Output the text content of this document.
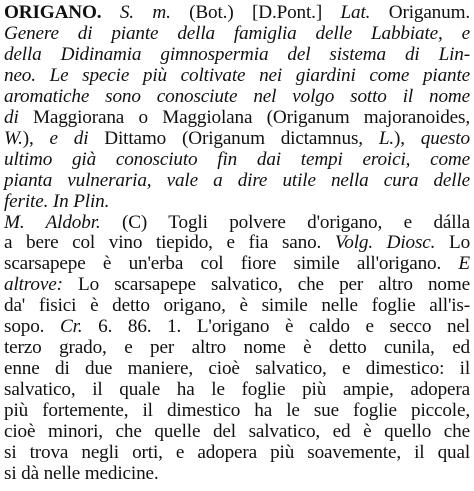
ORIGANO. S. m. (Bot.) [D.Pont.] Lat. Origanum.
Genere di piante della famiglia delle Labbiate, e
della Didinamia gimnospermia del sistema di Lin-
neo. Le specie più coltivate nei giardini come piante
aromatiche sono conosciute nel volgo sotto il nome
di Maggiorana o Maggiolana (Origanum majoranoides,
W.), e di Dittamo (Origanum dictamnus, L.), questo
ultimo già conosciuto fin dai tempi eroici, come
pianta vulneraria, vale a dire utile nella cura delle
ferite. In Plin.
M. Aldobr. (C) Togli polvere d'origano, e dálla
a bere col vino tiepido, e fia sano. Volg. Diosc. Lo
scarsapepe è un'erba col fiore simile all'origano. E
altrove: Lo scarsapepe salvatico, che per altro nome
da' fisici è detto origano, è simile nelle foglie all'is-
sopo. Cr. 6. 86. 1. L'origano è caldo e secco nel
terzo grado, e per altro nome è detto cunila, ed
enne di due maniere, cioè salvatico, e dimestico: il
salvatico, il quale ha le foglie più ampie, adopera
più fortemente, il dimestico ha le sue foglie piccole,
cioè minori, che quelle del salvatico, ed è quello che
si trova negli orti, e adopera più soavemente, il qual
si dà nelle medicine.
